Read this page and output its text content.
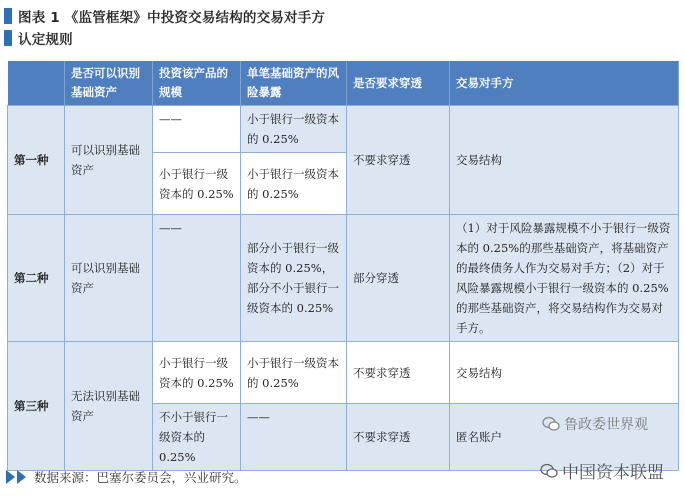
图表 1 《监管框架》中投资交易结构的交易对手方
认定规则
	是否可以识别基础资产	投资该产品的规模	单笔基础资产的风险暴露	是否要求穿透	交易对手方
第一种	可以识别基础资产	——	小于银行一级资本的 0.25%	不要求穿透	交易结构
		小于银行一级资本的 0.25%	小于银行一级资本的 0.25%		
第二种	可以识别基础资产	——	部分小于银行一级资本的 0.25%，部分不小于银行一级资本的 0.25%	部分穿透	（1）对于风险暴露规模不小于银行一级资本的 0.25%的那些基础资产，将基础资产的最终债务人作为交易对手方；（2）对于风险暴露规模小于银行一级资本的 0.25%的那些基础资产，将交易结构作为交易对手方。
第三种	无法识别基础资产	小于银行一级资本的 0.25%	小于银行一级资本的 0.25%	不要求穿透	交易结构
		不小于银行一级资本的 0.25%	——	不要求穿透	匿名账户
数据来源：巴塞尔委员会，兴业研究。
鲁政委世界观
中国资本联盟
